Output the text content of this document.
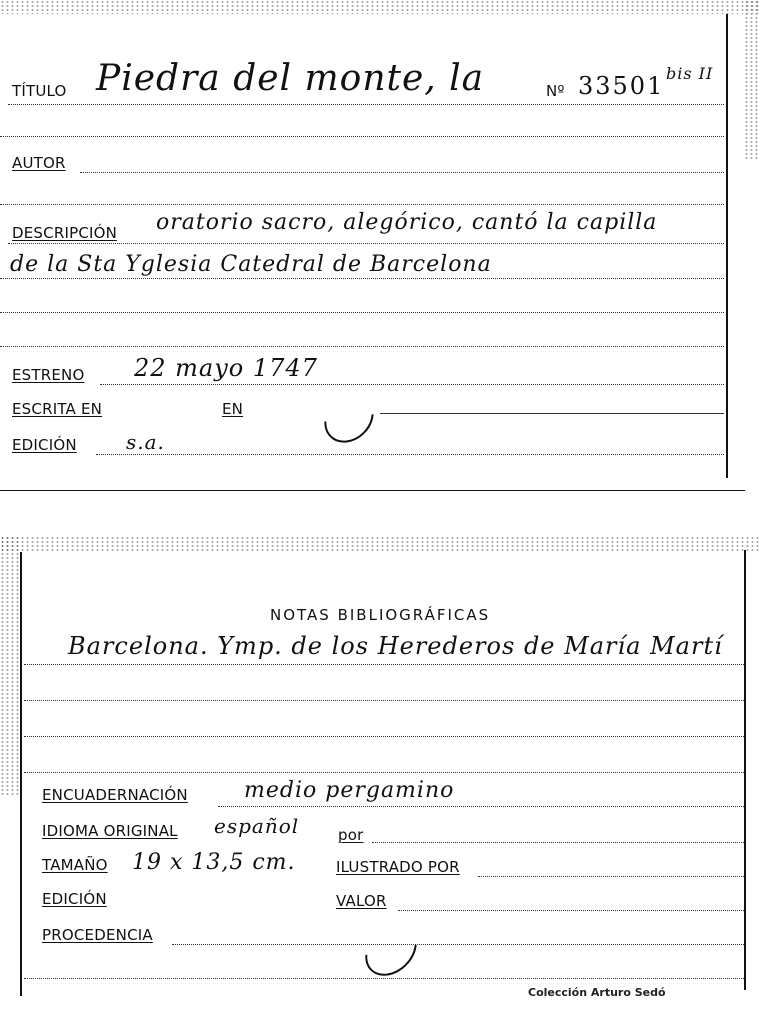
TÍTULO Piedra del monte, la	Nº 33501 bis II
AUTOR
DESCRIPCIÓN oratorio sacro, alegórico, cantó la capilla
de la Sta Yglesia Catedral de Barcelona
ESTRENO 22 mayo 1747
ESCRITA EN	EN
EDICIÓN s.a.
NOTAS BIBLIOGRÁFICAS
Barcelona. Ymp. de los Herederos de María Martí
ENCUADERNACIÓN	medio pergamino
IDIOMA ORIGINAL español	por
TAMAÑO 19 x 13,5 cm.	ILUSTRADO POR
EDICIÓN	VALOR
PROCEDENCIA
Colección Arturo Sedó
